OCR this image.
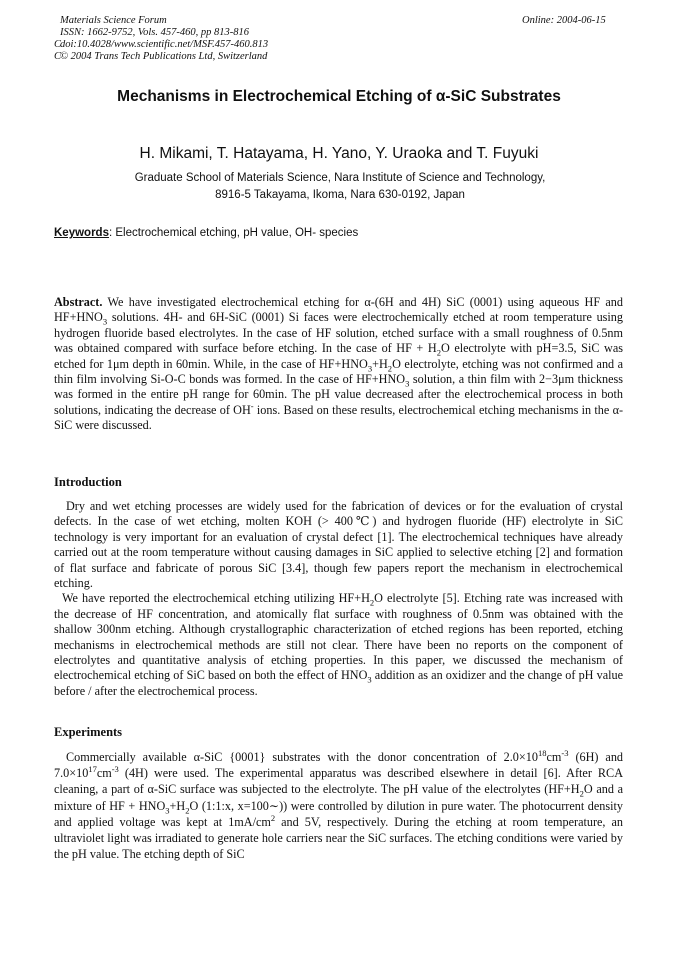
Materials Science Forum
ISSN: 1662-9752, Vols. 457-460, pp 813-816
doi:10.4028/www.scientific.net/MSF.457-460.813
© 2004 Trans Tech Publications Ltd, Switzerland
C
C
Online: 2004-06-15
Mechanisms in Electrochemical Etching of α-SiC Substrates
H. Mikami, T. Hatayama, H. Yano, Y. Uraoka and T. Fuyuki
Graduate School of Materials Science, Nara Institute of Science and Technology,
8916-5 Takayama, Ikoma, Nara 630-0192, Japan
Keywords: Electrochemical etching, pH value, OH- species

Abstract. We have investigated electrochemical etching for α-(6H and 4H) SiC (0001) using aqueous HF and $HF+HNO_3$ solutions. 4H- and 6H-SiC (0001) Si faces were electrochemically etched at room temperature using hydrogen fluoride based electrolytes. In the case of HF solution, etched surface with a small roughness of 0.5nm was obtained compared with surface before etching. In the case of HF + $H_2O$ electrolyte with pH=3.5, SiC was etched for 1μm depth in 60min. While, in the case of $HF+HNO_3+H_2O$ electrolyte, etching was not confirmed and a thin film involving Si-O-C bonds was formed. In the case of $HF+HNO_3$ solution, a thin film with 2−3μm thickness was formed in the entire pH range for 60min. The pH value decreased after the electrochemical process in both solutions, indicating the decrease of OH- ions. Based on these results, electrochemical etching mechanisms in the α-SiC were discussed.

Introduction

Dry and wet etching processes are widely used for the fabrication of devices or for the evaluation of crystal defects. In the case of wet etching, molten KOH (> 400℃) and hydrogen fluoride (HF) electrolyte in SiC technology is very important for an evaluation of crystal defect [1]. The electrochemical techniques have already carried out at the room temperature without causing damages in SiC applied to selective etching [2] and formation of flat surface and fabricate of porous SiC [3.4], though few papers report the mechanism in electrochemical etching.

We have reported the electrochemical etching utilizing $HF+H_2O$ electrolyte [5]. Etching rate was increased with the decrease of HF concentration, and atomically flat surface with roughness of 0.5nm was obtained with the shallow 300nm etching. Although crystallographic characterization of etched regions has been reported, etching mechanisms in electrochemical methods are still not clear. There have been no reports on the component of electrolytes and quantitative analysis of etching properties. In this paper, we discussed the mechanism of electrochemical etching of SiC based on both the effect of $HNO_3$ addition as an oxidizer and the change of pH value before / after the electrochemical process.

Experiments

Commercially available α-SiC {0001} substrates with the donor concentration of $2.0\times 10^{18}cm^{-3}$ (6H) and $7.0\times 10^{17}cm^{-3}$ (4H) were used. The experimental apparatus was described elsewhere in detail [6]. After RCA cleaning, a part of α-SiC surface was subjected to the electrolyte. The pH value of the electrolytes ($HF+H_2O$ and a mixture of HF + $HNO_3+H_2O$ (1:1:x, x=100∼)) were controlled by dilution in pure water. The photocurrent density and applied voltage was kept at $1mA/cm^2$ and 5V, respectively. During the etching at room temperature, an ultraviolet light was irradiated to generate hole carriers near the SiC surfaces. The etching conditions were varied by the pH value. The etching depth of SiC
